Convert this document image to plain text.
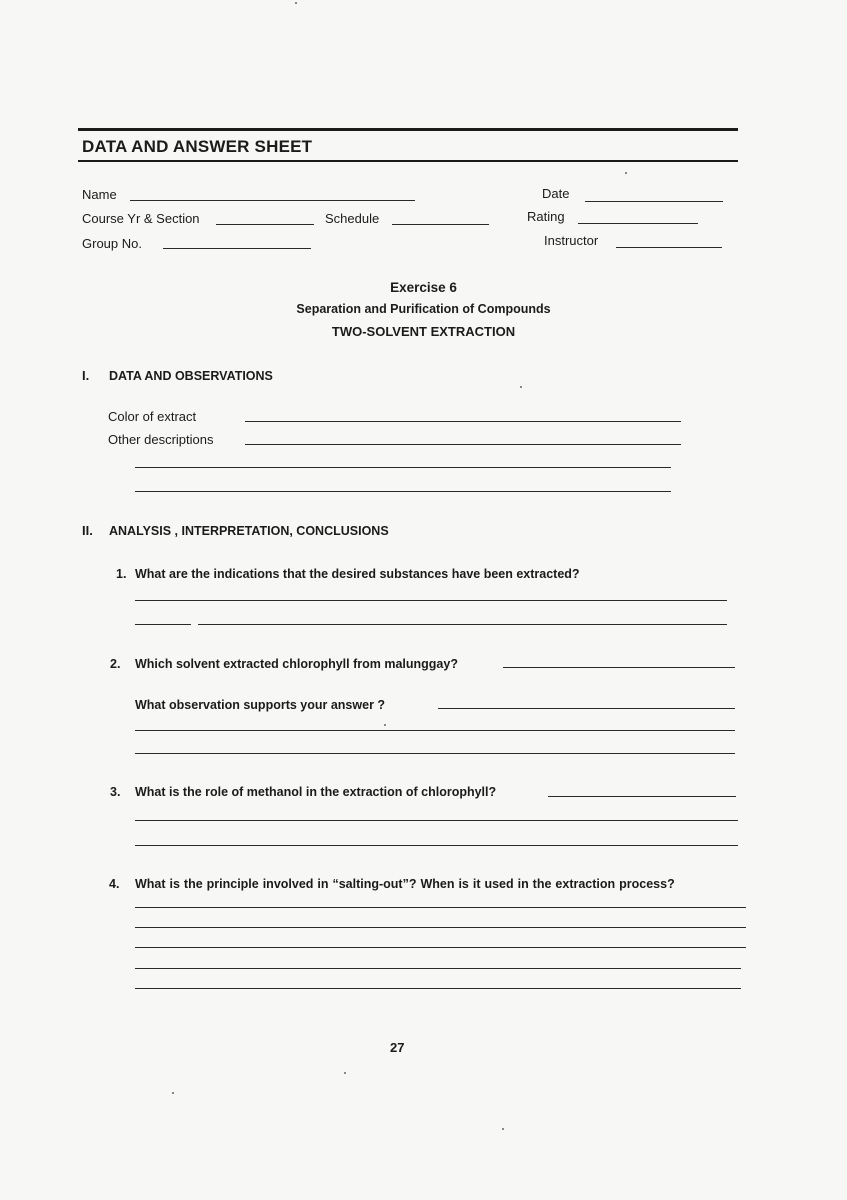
DATA AND ANSWER SHEET
Name	Date
Course Yr & Section	Schedule	Rating
Group No.	Instructor
Exercise 6
Separation and Purification of Compounds
TWO-SOLVENT EXTRACTION
I. DATA AND OBSERVATIONS
Color of extract
Other descriptions
II. ANALYSIS , INTERPRETATION, CONCLUSIONS
1. What are the indications that the desired substances have been extracted?
2. Which solvent extracted chlorophyll from malunggay?
What observation supports your answer ?
3. What is the role of methanol in the extraction of chlorophyll?
4. What is the principle involved in “salting-out”? When is it used in the extraction process?
27
